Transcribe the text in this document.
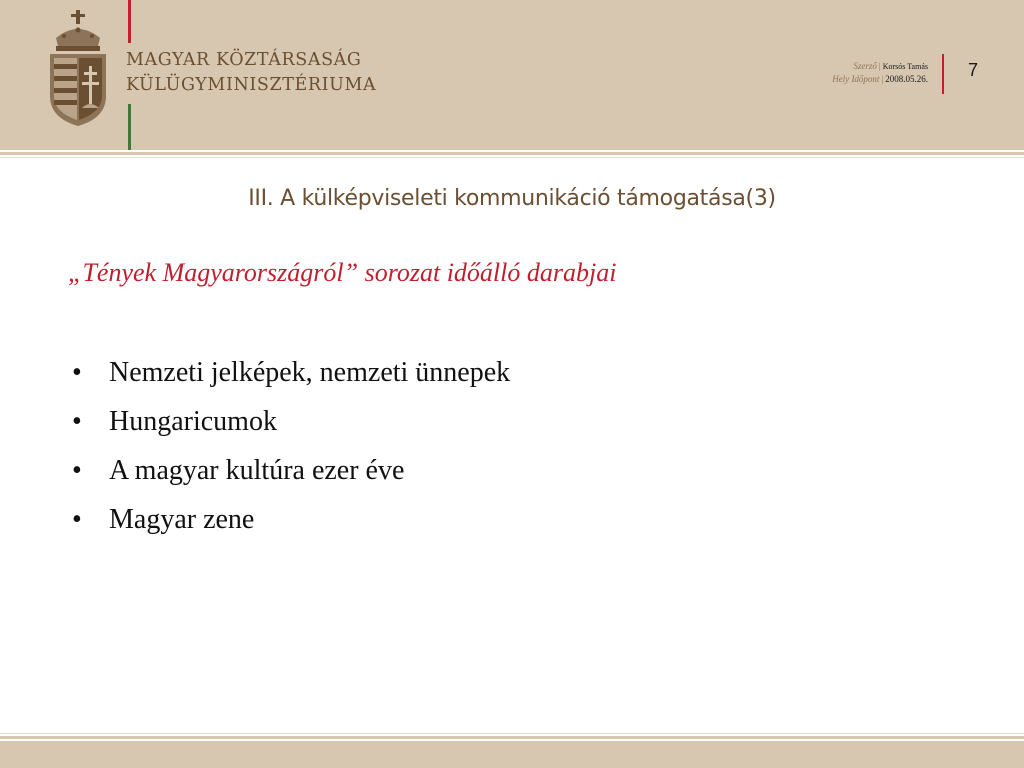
MAGYAR KÖZTÁRSASÁG
KÜLÜGYMINISZTÉRIUMA
Szerző | Korsós Tamás
Hely Időpont | 2008.05.26. 7
III. A külképviseleti kommunikáció támogatása(3)
„Tények Magyarországról” sorozat időálló darabjai
• Nemzeti jelképek, nemzeti ünnepek
• Hungaricumok
• A magyar kultúra ezer éve
• Magyar zene
